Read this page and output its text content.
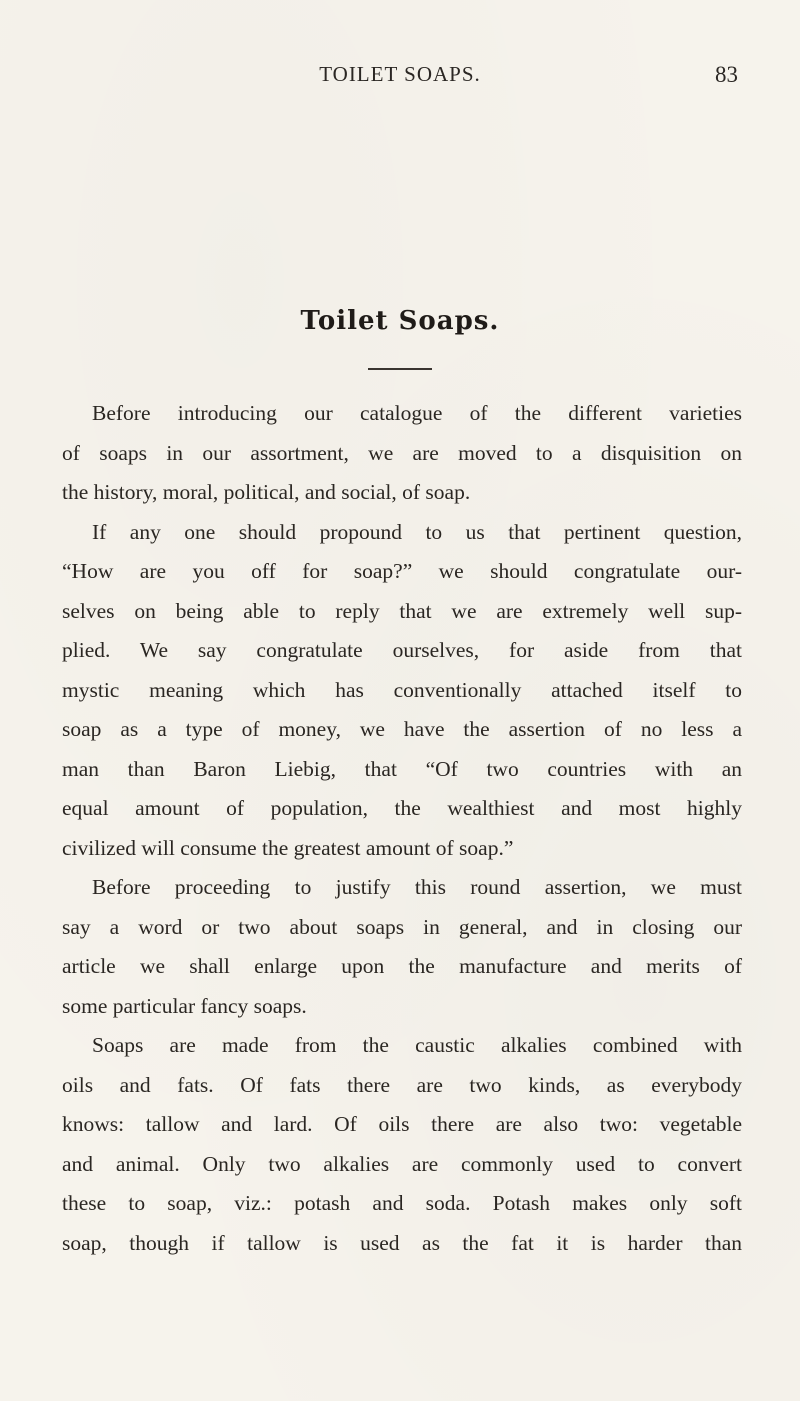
TOILET SOAPS.	83
Toilet Soaps.
Before introducing our catalogue of the different varieties
of soaps in our assortment, we are moved to a disquisition on
the history, moral, political, and social, of soap.
If any one should propound to us that pertinent question,
“How are you off for soap?” we should congratulate our-
selves on being able to reply that we are extremely well sup-
plied. We say congratulate ourselves, for aside from that
mystic meaning which has conventionally attached itself to
soap as a type of money, we have the assertion of no less a
man than Baron Liebig, that “Of two countries with an
equal amount of population, the wealthiest and most highly
civilized will consume the greatest amount of soap.”
Before proceeding to justify this round assertion, we must
say a word or two about soaps in general, and in closing our
article we shall enlarge upon the manufacture and merits of
some particular fancy soaps.
Soaps are made from the caustic alkalies combined with
oils and fats. Of fats there are two kinds, as everybody
knows: tallow and lard. Of oils there are also two: vegetable
and animal. Only two alkalies are commonly used to convert
these to soap, viz.: potash and soda. Potash makes only soft
soap, though if tallow is used as the fat it is harder than
